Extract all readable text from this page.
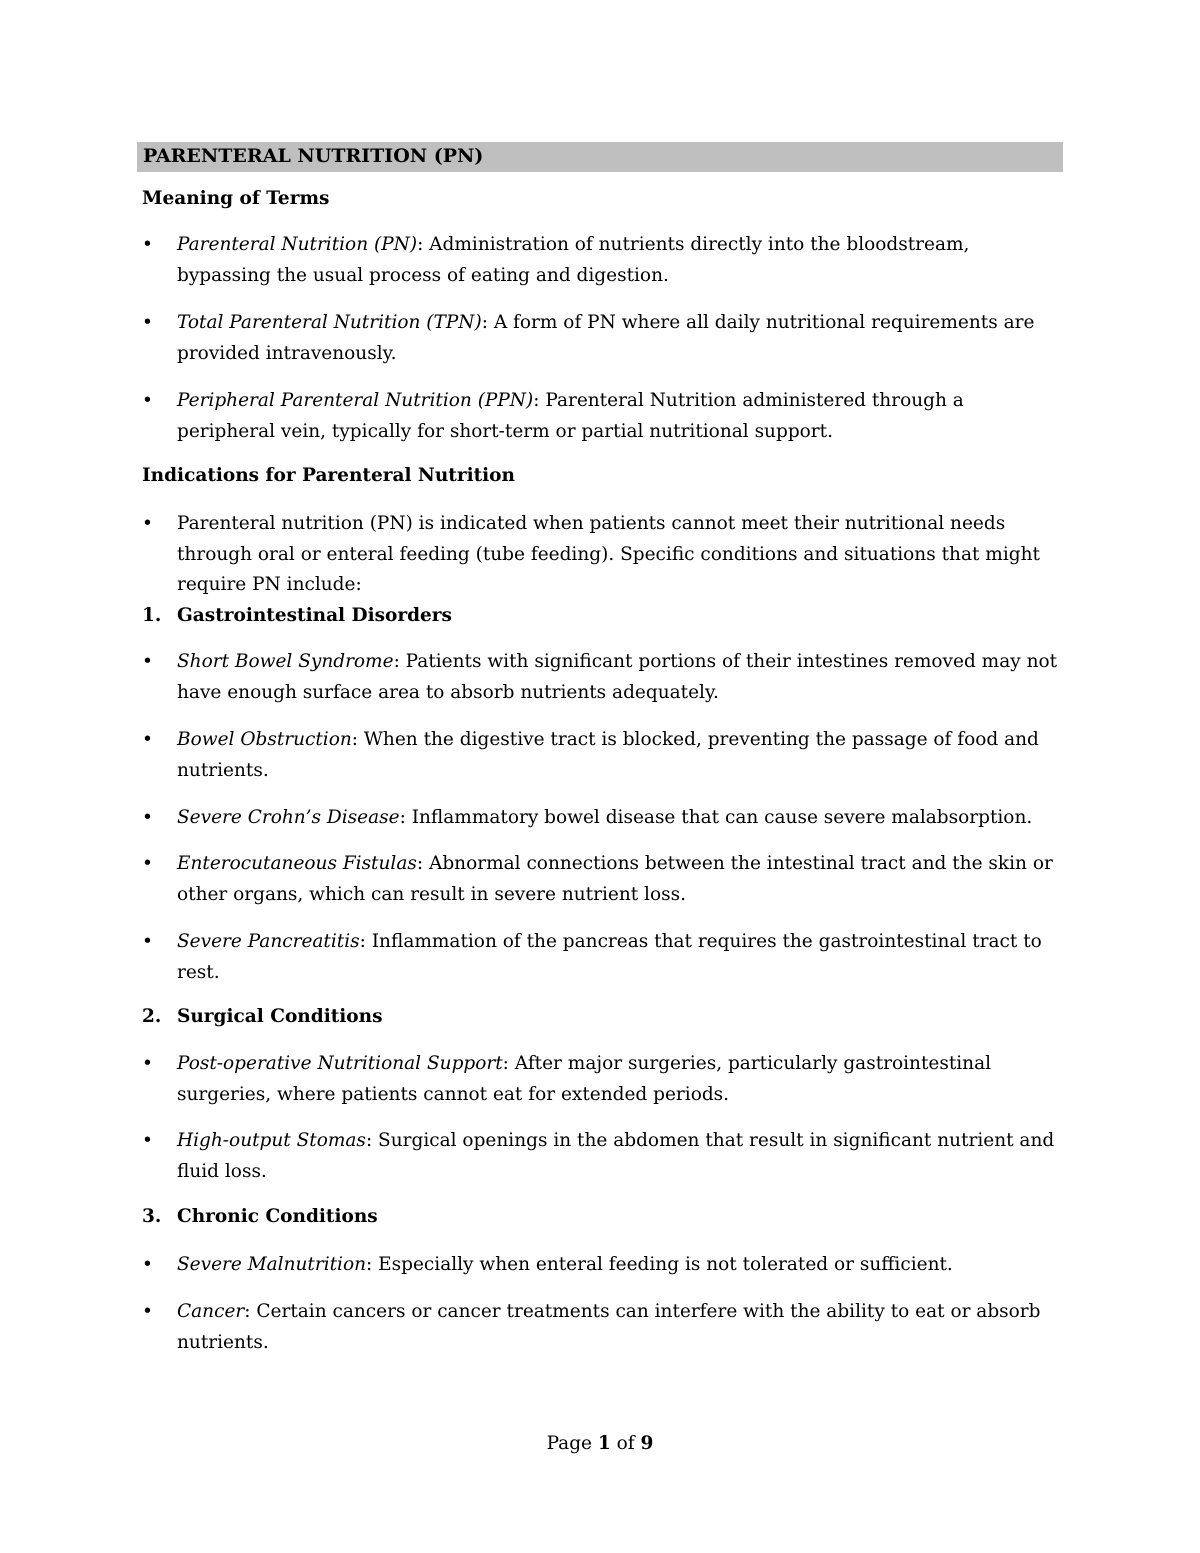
PARENTERAL NUTRITION (PN)
Meaning of Terms
•	Parenteral Nutrition (PN): Administration of nutrients directly into the bloodstream, bypassing the usual process of eating and digestion.
•	Total Parenteral Nutrition (TPN): A form of PN where all daily nutritional requirements are provided intravenously.
•	Peripheral Parenteral Nutrition (PPN): Parenteral Nutrition administered through a peripheral vein, typically for short-term or partial nutritional support.
Indications for Parenteral Nutrition
•	Parenteral nutrition (PN) is indicated when patients cannot meet their nutritional needs through oral or enteral feeding (tube feeding). Specific conditions and situations that might require PN include:
1. Gastrointestinal Disorders
•	Short Bowel Syndrome: Patients with significant portions of their intestines removed may not have enough surface area to absorb nutrients adequately.
•	Bowel Obstruction: When the digestive tract is blocked, preventing the passage of food and nutrients.
•	Severe Crohn’s Disease: Inflammatory bowel disease that can cause severe malabsorption.
•	Enterocutaneous Fistulas: Abnormal connections between the intestinal tract and the skin or other organs, which can result in severe nutrient loss.
•	Severe Pancreatitis: Inflammation of the pancreas that requires the gastrointestinal tract to rest.
2. Surgical Conditions
•	Post-operative Nutritional Support: After major surgeries, particularly gastrointestinal surgeries, where patients cannot eat for extended periods.
•	High-output Stomas: Surgical openings in the abdomen that result in significant nutrient and fluid loss.
3. Chronic Conditions
•	Severe Malnutrition: Especially when enteral feeding is not tolerated or sufficient.
•	Cancer: Certain cancers or cancer treatments can interfere with the ability to eat or absorb nutrients.
Page 1 of 9
